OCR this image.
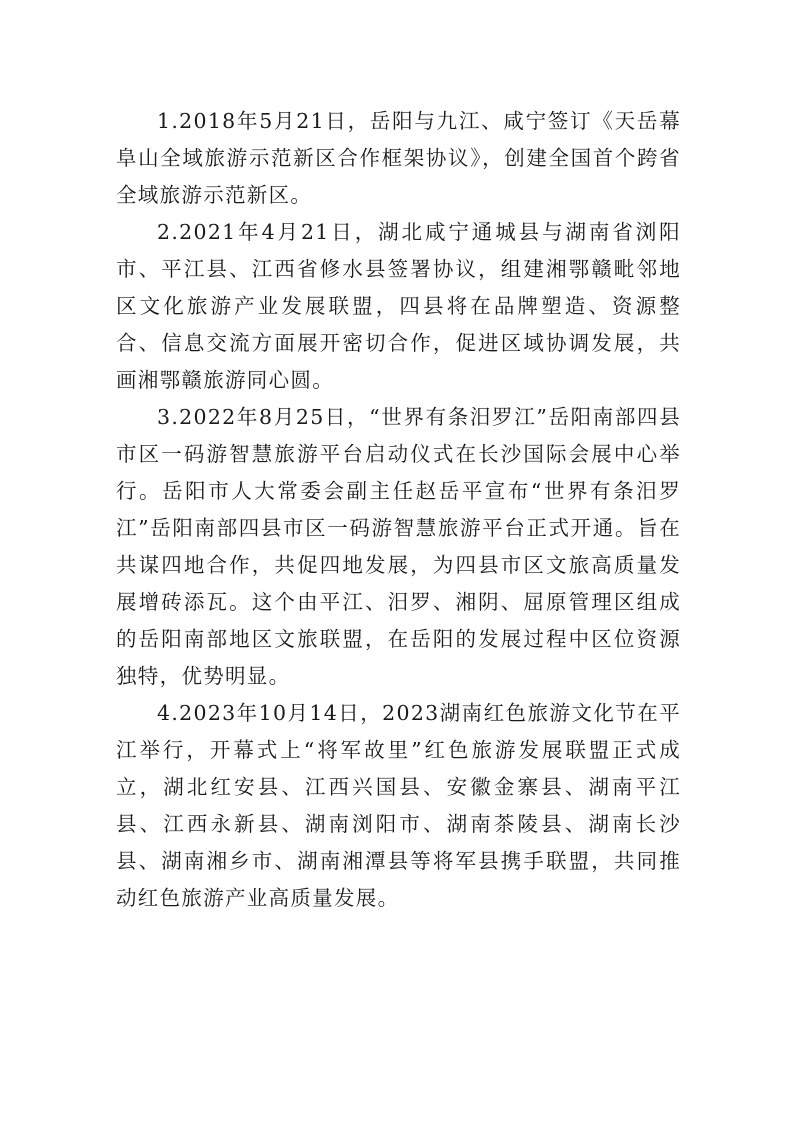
1.2018年5月21日，岳阳与九江、咸宁签订《天岳幕阜山全域旅游示范新区合作框架协议》，创建全国首个跨省全域旅游示范新区。

2.2021年4月21日，湖北咸宁通城县与湖南省浏阳市、平江县、江西省修水县签署协议，组建湘鄂赣毗邻地区文化旅游产业发展联盟，四县将在品牌塑造、资源整合、信息交流方面展开密切合作，促进区域协调发展，共画湘鄂赣旅游同心圆。

3.2022年8月25日，“世界有条汨罗江”岳阳南部四县市区一码游智慧旅游平台启动仪式在长沙国际会展中心举行。岳阳市人大常委会副主任赵岳平宣布“世界有条汨罗江”岳阳南部四县市区一码游智慧旅游平台正式开通。旨在共谋四地合作，共促四地发展，为四县市区文旅高质量发展增砖添瓦。这个由平江、汨罗、湘阴、屈原管理区组成的岳阳南部地区文旅联盟，在岳阳的发展过程中区位资源独特，优势明显。

4.2023年10月14日，2023湖南红色旅游文化节在平江举行，开幕式上“将军故里”红色旅游发展联盟正式成立，湖北红安县、江西兴国县、安徽金寨县、湖南平江县、江西永新县、湖南浏阳市、湖南茶陵县、湖南长沙县、湖南湘乡市、湖南湘潭县等将军县携手联盟，共同推动红色旅游产业高质量发展。
